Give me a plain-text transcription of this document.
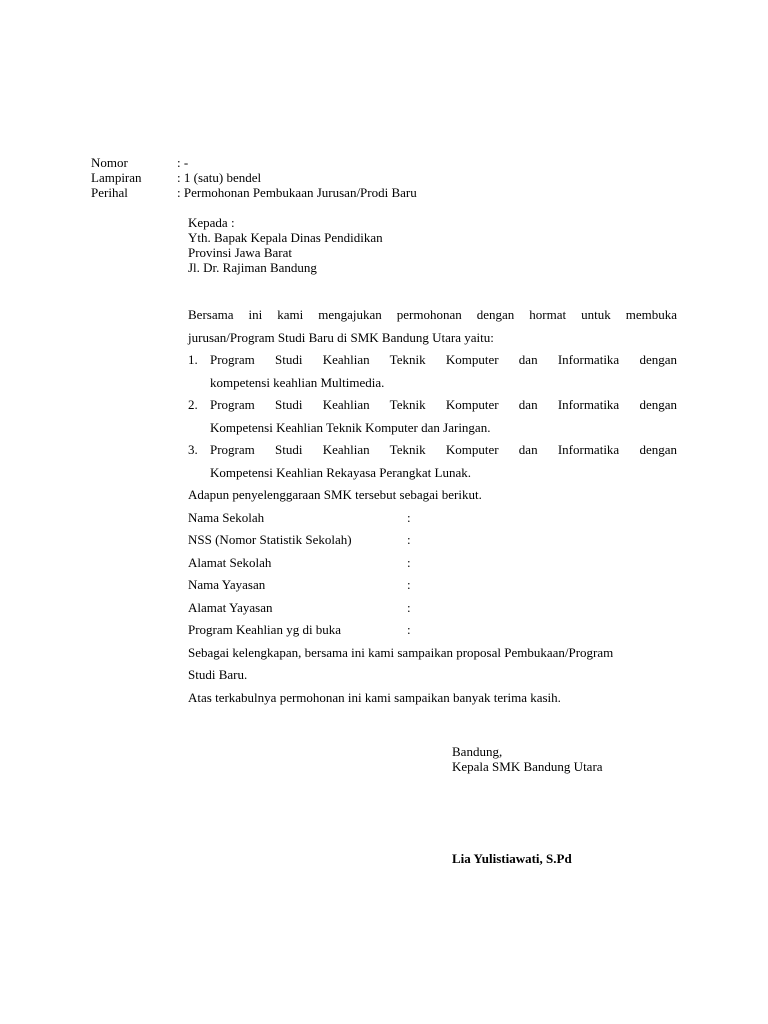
Nomor	: -
Lampiran	: 1 (satu) bendel
Perihal	: Permohonan Pembukaan Jurusan/Prodi Baru
Kepada :
Yth. Bapak Kepala Dinas Pendidikan
Provinsi Jawa Barat
Jl. Dr. Rajiman Bandung
Bersama ini kami mengajukan permohonan dengan hormat untuk membuka
jurusan/Program Studi Baru di SMK Bandung Utara yaitu:
1. Program Studi Keahlian Teknik Komputer dan Informatika dengan
kompetensi keahlian Multimedia.
2. Program Studi Keahlian Teknik Komputer dan Informatika dengan
Kompetensi Keahlian Teknik Komputer dan Jaringan.
3. Program Studi Keahlian Teknik Komputer dan Informatika dengan
Kompetensi Keahlian Rekayasa Perangkat Lunak.
Adapun penyelenggaraan SMK tersebut sebagai berikut.
Nama Sekolah	:
NSS (Nomor Statistik Sekolah)	:
Alamat Sekolah	:
Nama Yayasan	:
Alamat Yayasan	:
Program Keahlian yg di buka	:
Sebagai kelengkapan, bersama ini kami sampaikan proposal Pembukaan/Program
Studi Baru.
Atas terkabulnya permohonan ini kami sampaikan banyak terima kasih.
Bandung,
Kepala SMK Bandung Utara
Lia Yulistiawati, S.Pd
